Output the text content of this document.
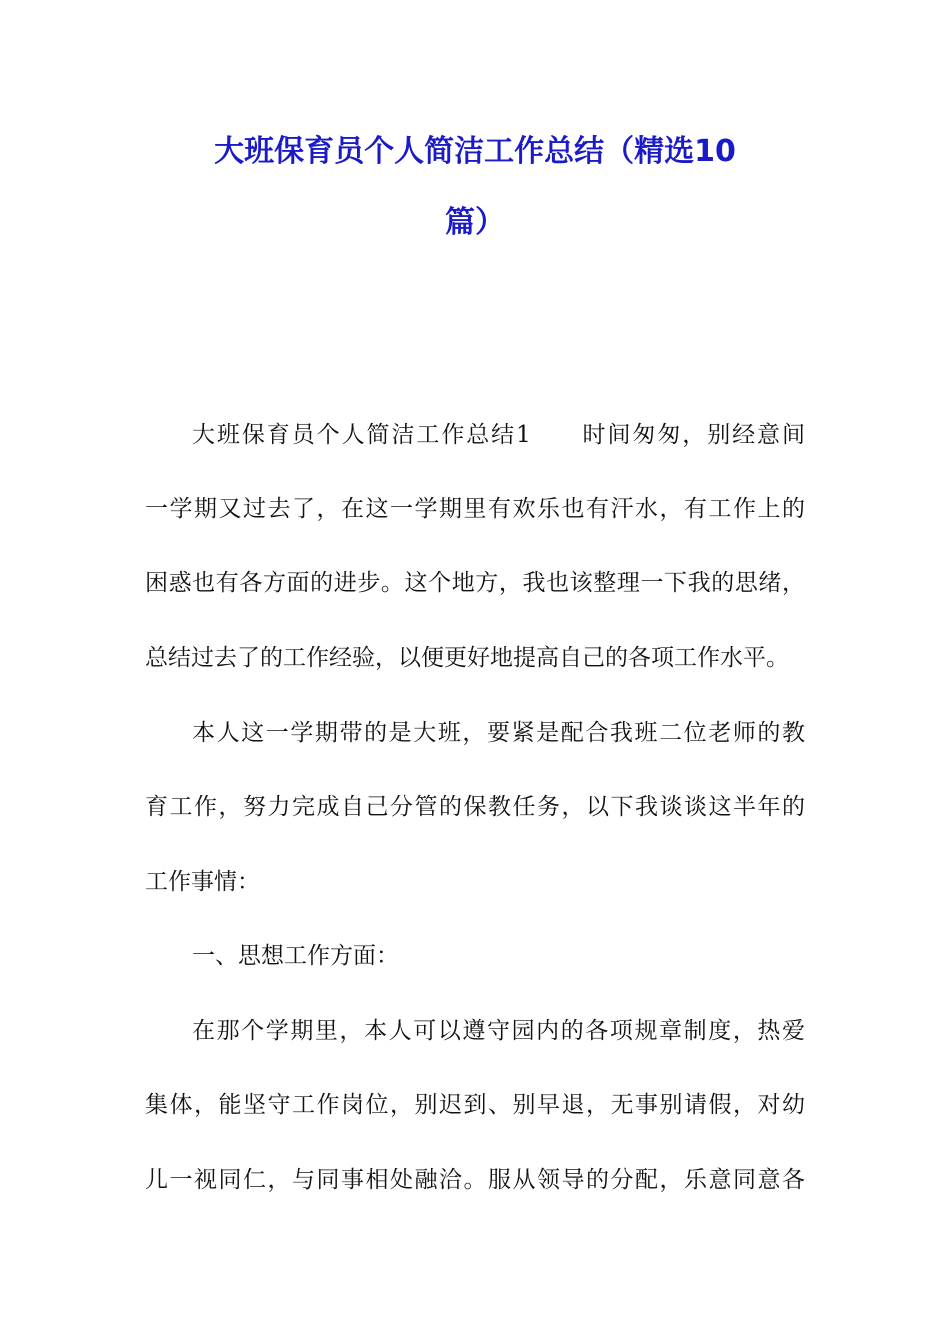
大班保育员个人简洁工作总结（精选10
篇）
大班保育员个人简洁工作总结1　　时间匆匆，别经意间
一学期又过去了，在这一学期里有欢乐也有汗水，有工作上的
困惑也有各方面的进步。这个地方，我也该整理一下我的思绪，
总结过去了的工作经验，以便更好地提高自己的各项工作水平。
本人这一学期带的是大班，要紧是配合我班二位老师的教
育工作，努力完成自己分管的保教任务，以下我谈谈这半年的
工作事情：
一、思想工作方面：
在那个学期里，本人可以遵守园内的各项规章制度，热爱
集体，能坚守工作岗位，别迟到、别早退，无事别请假，对幼
儿一视同仁，与同事相处融洽。服从领导的分配，乐意同意各
